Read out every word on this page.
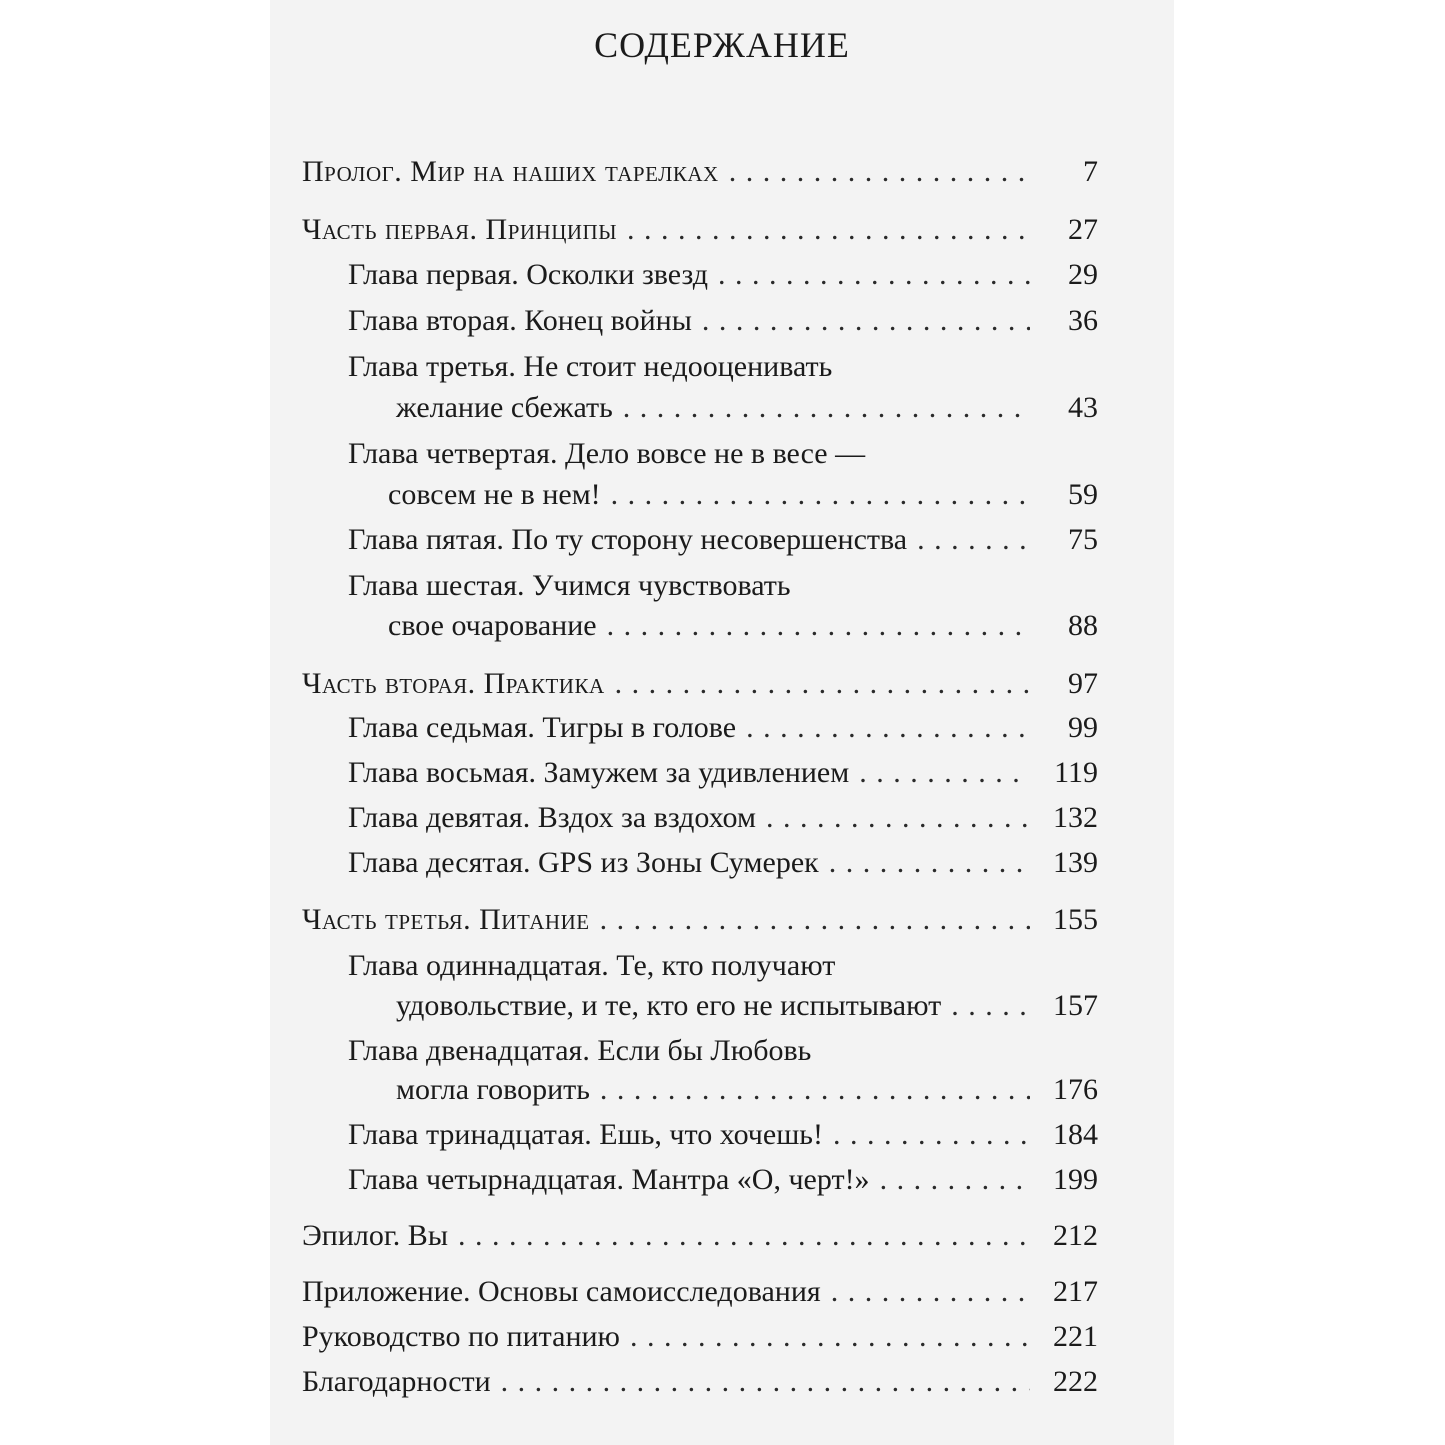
СОДЕРЖАНИЕ
Пролог. Мир на наших тарелках . . .	7
Часть первая. Принципы . . .	27
Глава первая. Осколки звезд . . .	29
Глава вторая. Конец войны . . .	36
Глава третья. Не стоит недооценивать
желание сбежать . . .	43
Глава четвертая. Дело вовсе не в весе —
совсем не в нем! . . .	59
Глава пятая. По ту сторону несовершенства . . .	75
Глава шестая. Учимся чувствовать
свое очарование . . .	88
Часть вторая. Практика . . .	97
Глава седьмая. Тигры в голове . . .	99
Глава восьмая. Замужем за удивлением . . .	119
Глава девятая. Вздох за вздохом . . .	132
Глава десятая. GPS из Зоны Сумерек . . .	139
Часть третья. Питание . . .	155
Глава одиннадцатая. Те, кто получают
удовольствие, и те, кто его не испытывают . . .	157
Глава двенадцатая. Если бы Любовь
могла говорить . . .	176
Глава тринадцатая. Ешь, что хочешь! . . .	184
Глава четырнадцатая. Мантра «О, черт!» . . .	199
Эпилог. Вы . . .	212
Приложение. Основы самоисследования . . .	217
Руководство по питанию . . .	221
Благодарности . . .	222
